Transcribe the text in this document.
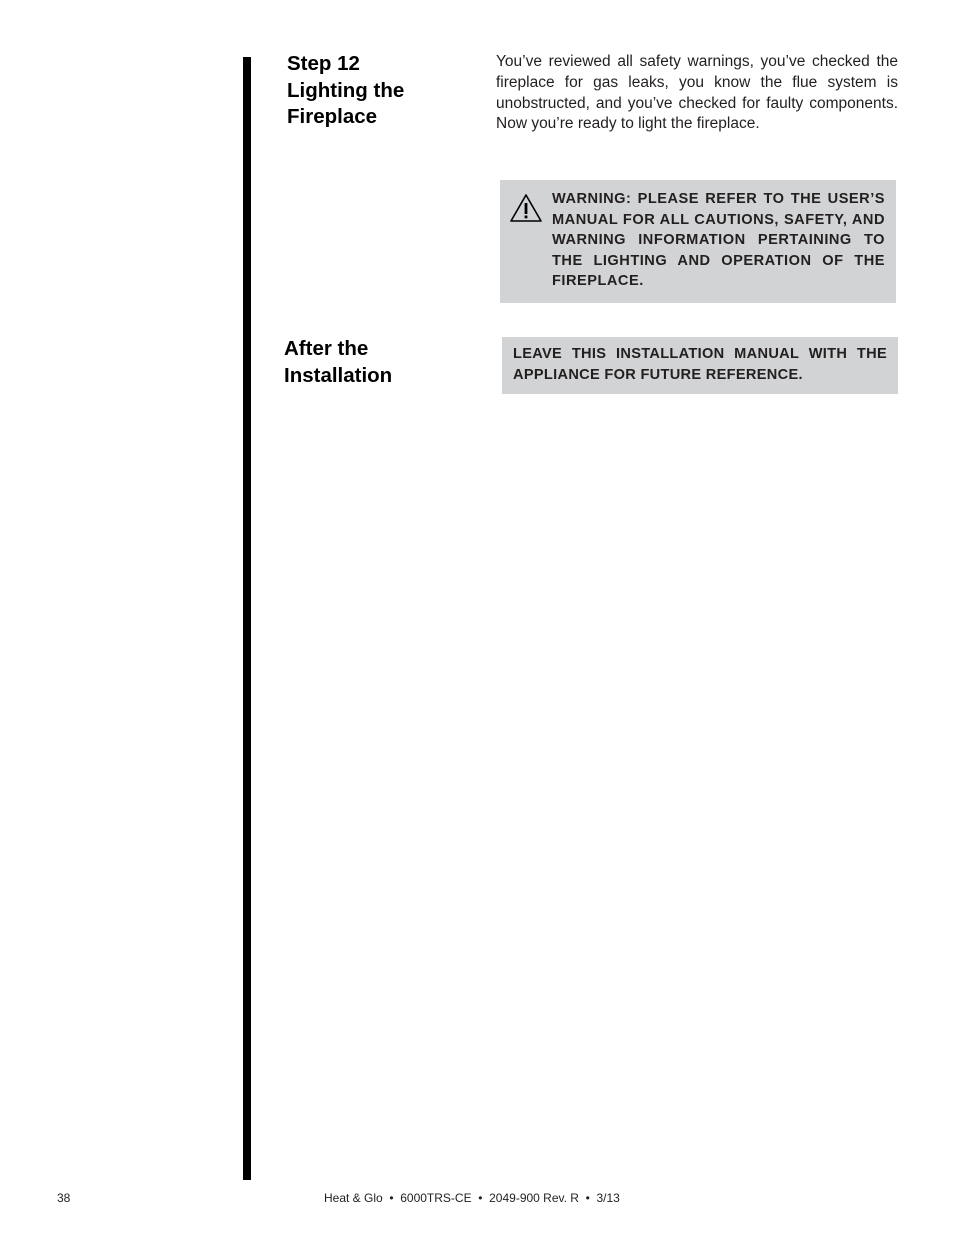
Step 12
Lighting the
Fireplace

You’ve reviewed all safety warnings, you’ve checked the fireplace for gas leaks, you know the flue system is unobstructed, and you’ve checked for faulty components. Now you’re ready to light the fireplace.

WARNING: PLEASE REFER TO THE USER’S MANUAL FOR ALL CAUTIONS, SAFETY, AND WARNING INFORMATION PERTAINING TO THE LIGHTING AND OPERATION OF THE FIREPLACE.

After the
Installation

LEAVE THIS INSTALLATION MANUAL WITH THE APPLIANCE FOR FUTURE REFERENCE.

38	Heat & Glo  •  6000TRS-CE  •  2049-900 Rev. R  •  3/13
